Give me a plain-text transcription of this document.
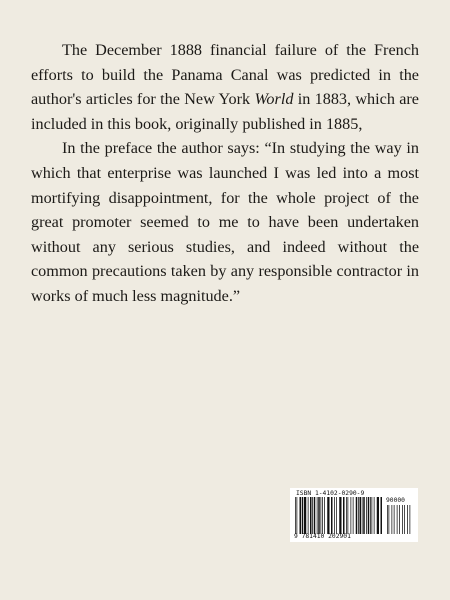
The December 1888 financial failure of the French efforts to build the Panama Canal was predicted in the author's articles for the New York World in 1883, which are included in this book, originally published in 1885,

In the preface the author says: “In studying the way in which that enterprise was launched I was led into a most mortifying disappointment, for the whole project of the great promoter seemed to me to have been undertaken without any serious studies, and indeed without the common precautions taken by any responsible contractor in works of much less magnitude.”

ISBN 1-4102-0290-9
90000
9 781410 202901
